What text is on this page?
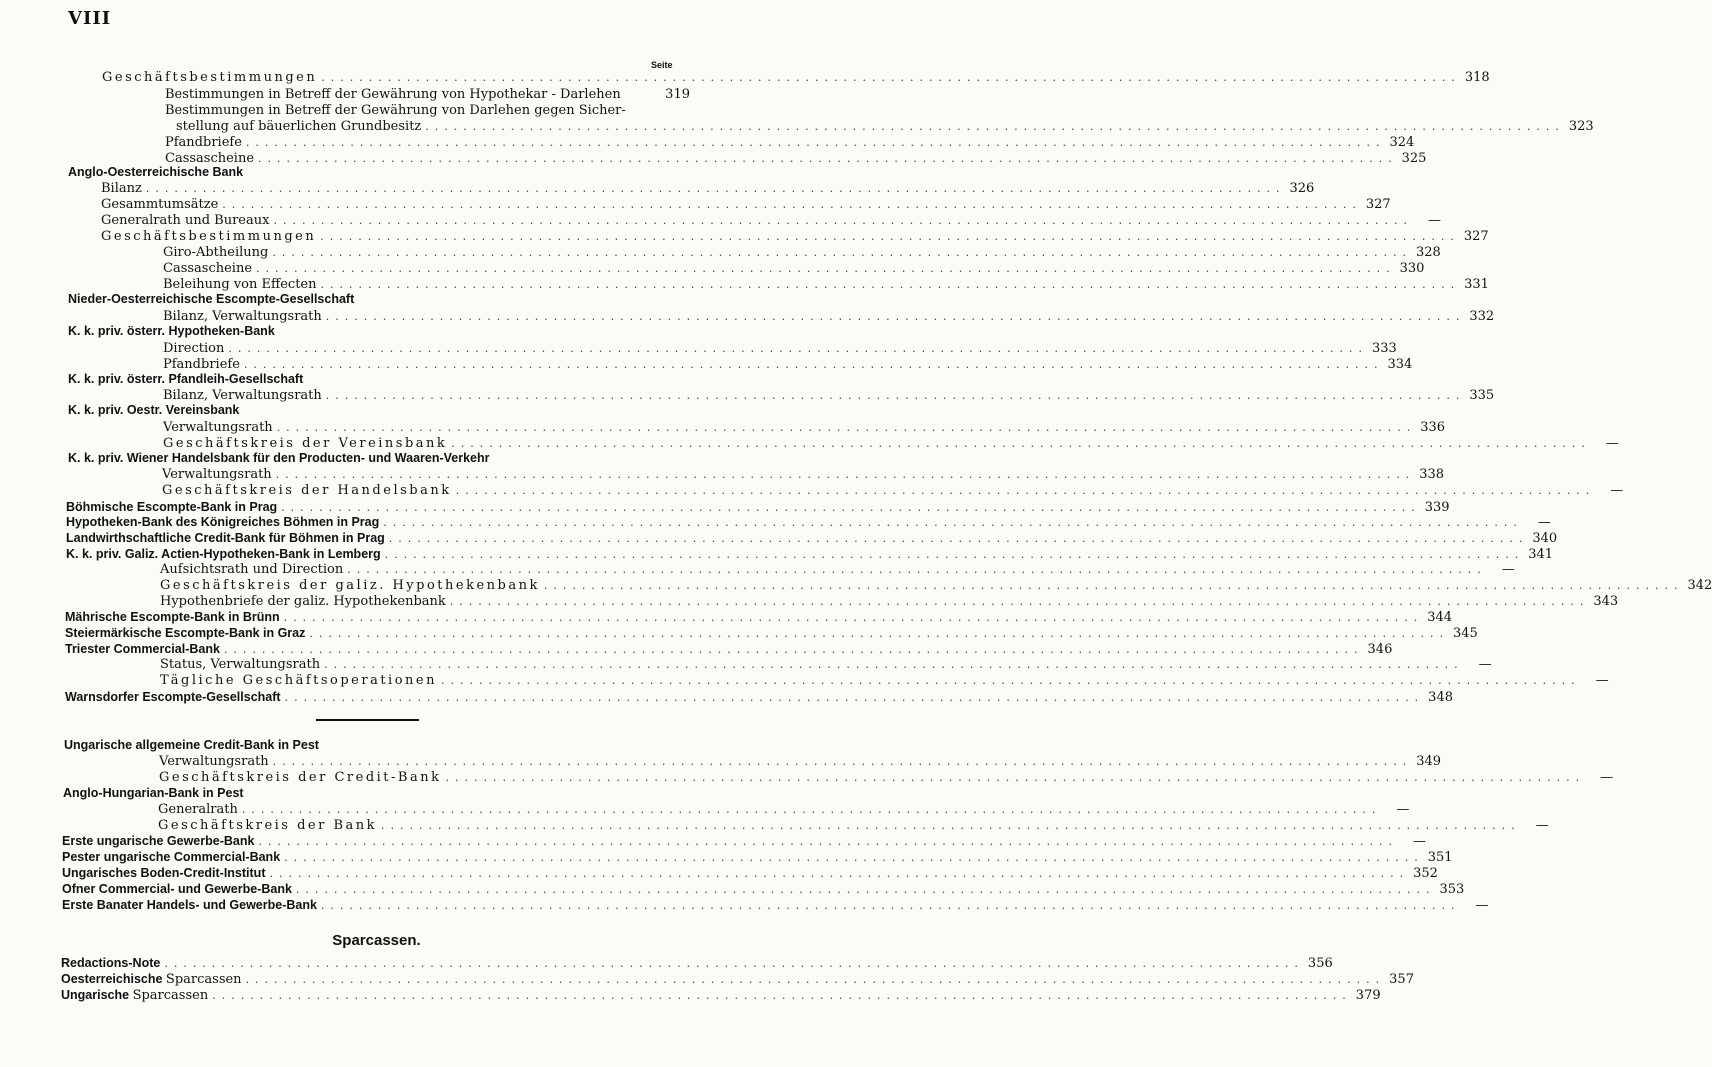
VIII
Seite
Geschäftsbestimmungen ........................................................................................................................ 318
Bestimmungen in Betreff der Gewährung von Hypothekar - Darlehen	319
Bestimmungen in Betreff der Gewährung von Darlehen gegen Sicher-
stellung auf bäuerlichen Grundbesitz ........................................................................................................................ 323
Pfandbriefe ........................................................................................................................ 324
Cassascheine ........................................................................................................................ 325
Anglo-Oesterreichische Bank
Bilanz ........................................................................................................................ 326
Gesammtumsätze ........................................................................................................................ 327
Generalrath und Bureaux ........................................................................................................................	—
Geschäftsbestimmungen ........................................................................................................................ 327
Giro-Abtheilung ........................................................................................................................ 328
Cassascheine ........................................................................................................................ 330
Beleihung von Effecten ........................................................................................................................ 331
Nieder-Oesterreichische Escompte-Gesellschaft
Bilanz, Verwaltungsrath ........................................................................................................................ 332
K. k. priv. österr. Hypotheken-Bank
Direction ........................................................................................................................ 333
Pfandbriefe ........................................................................................................................ 334
K. k. priv. österr. Pfandleih-Gesellschaft
Bilanz, Verwaltungsrath ........................................................................................................................ 335
K. k. priv. Oestr. Vereinsbank
Verwaltungsrath ........................................................................................................................ 336
Geschäftskreis der Vereinsbank ........................................................................................................................	—
K. k. priv. Wiener Handelsbank für den Producten- und Waaren-Verkehr
Verwaltungsrath ........................................................................................................................ 338
Geschäftskreis der Handelsbank ........................................................................................................................	—
Böhmische Escompte-Bank in Prag ........................................................................................................................ 339
Hypotheken-Bank des Königreiches Böhmen in Prag ........................................................................................................................	—
Landwirthschaftliche Credit-Bank für Böhmen in Prag ........................................................................................................................ 340
K. k. priv. Galiz. Actien-Hypotheken-Bank in Lemberg ........................................................................................................................ 341
Aufsichtsrath und Direction ........................................................................................................................	—
Geschäftskreis der galiz. Hypothekenbank ........................................................................................................................ 342
Hypothenbriefe der galiz. Hypothekenbank ........................................................................................................................ 343
Mährische Escompte-Bank in Brünn ........................................................................................................................ 344
Steiermärkische Escompte-Bank in Graz ........................................................................................................................ 345
Triester Commercial-Bank ........................................................................................................................ 346
Status, Verwaltungsrath ........................................................................................................................	—
Tägliche Geschäftsoperationen ........................................................................................................................	—
Warnsdorfer Escompte-Gesellschaft ........................................................................................................................ 348
Ungarische allgemeine Credit-Bank in Pest
Verwaltungsrath ........................................................................................................................ 349
Geschäftskreis der Credit-Bank ........................................................................................................................	—
Anglo-Hungarian-Bank in Pest
Generalrath ........................................................................................................................	—
Geschäftskreis der Bank ........................................................................................................................	—
Erste ungarische Gewerbe-Bank ........................................................................................................................	—
Pester ungarische Commercial-Bank ........................................................................................................................ 351
Ungarisches Boden-Credit-Institut ........................................................................................................................ 352
Ofner Commercial- und Gewerbe-Bank ........................................................................................................................ 353
Erste Banater Handels- und Gewerbe-Bank ........................................................................................................................	—
Redactions-Note ........................................................................................................................ 356
Oesterreichische Sparcassen ........................................................................................................................ 357
Ungarische Sparcassen ........................................................................................................................ 379
Sparcassen.
